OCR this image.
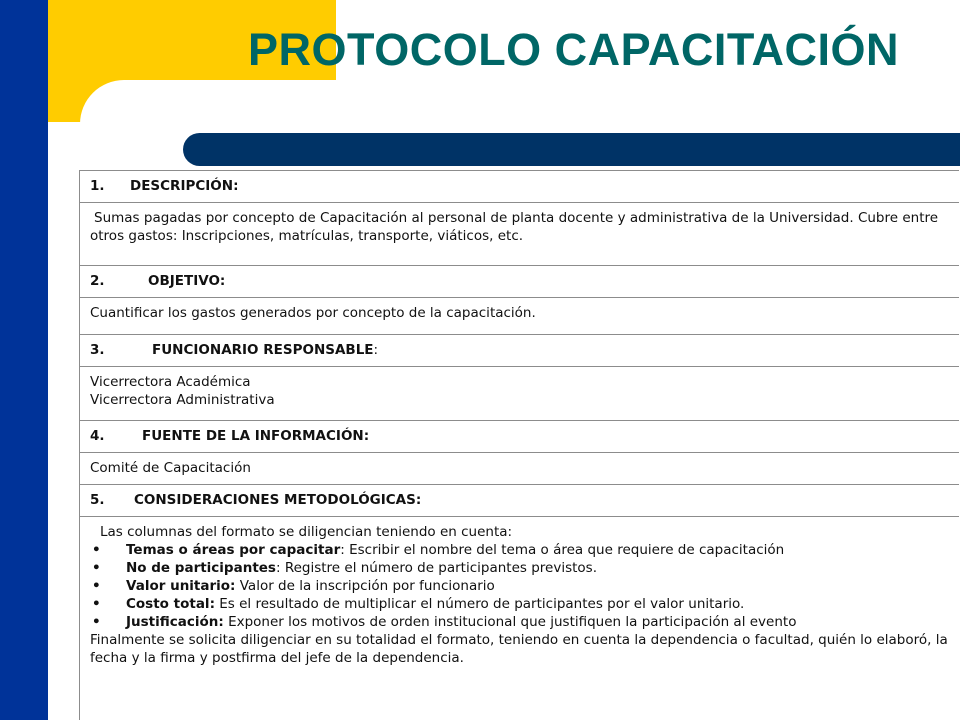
PROTOCOLO CAPACITACIÓN
1. DESCRIPCIÓN:

Sumas pagadas por concepto de Capacitación al personal de planta docente y administrativa de la Universidad. Cubre entre otros gastos: Inscripciones, matrículas, transporte, viáticos, etc.

2.	OBJETIVO:

Cuantificar los gastos generados por concepto de la capacitación.

3.	FUNCIONARIO RESPONSABLE:

Vicerrectora Académica

Vicerrectora Administrativa

4.	FUENTE DE LA INFORMACIÓN:

Comité de Capacitación

5. CONSIDERACIONES METODOLÓGICAS:

Las columnas del formato se diligencian teniendo en cuenta:

• Temas o áreas por capacitar: Escribir el nombre del tema o área que requiere de capacitación
• No de participantes: Registre el número de participantes previstos.
• Valor unitario: Valor de la inscripción por funcionario
• Costo total: Es el resultado de multiplicar el número de participantes por el valor unitario.
• Justificación: Exponer los motivos de orden institucional que justifiquen la participación al evento

Finalmente se solicita diligenciar en su totalidad el formato, teniendo en cuenta la dependencia o facultad, quién lo elaboró, la fecha y la firma y postfirma del jefe de la dependencia.
